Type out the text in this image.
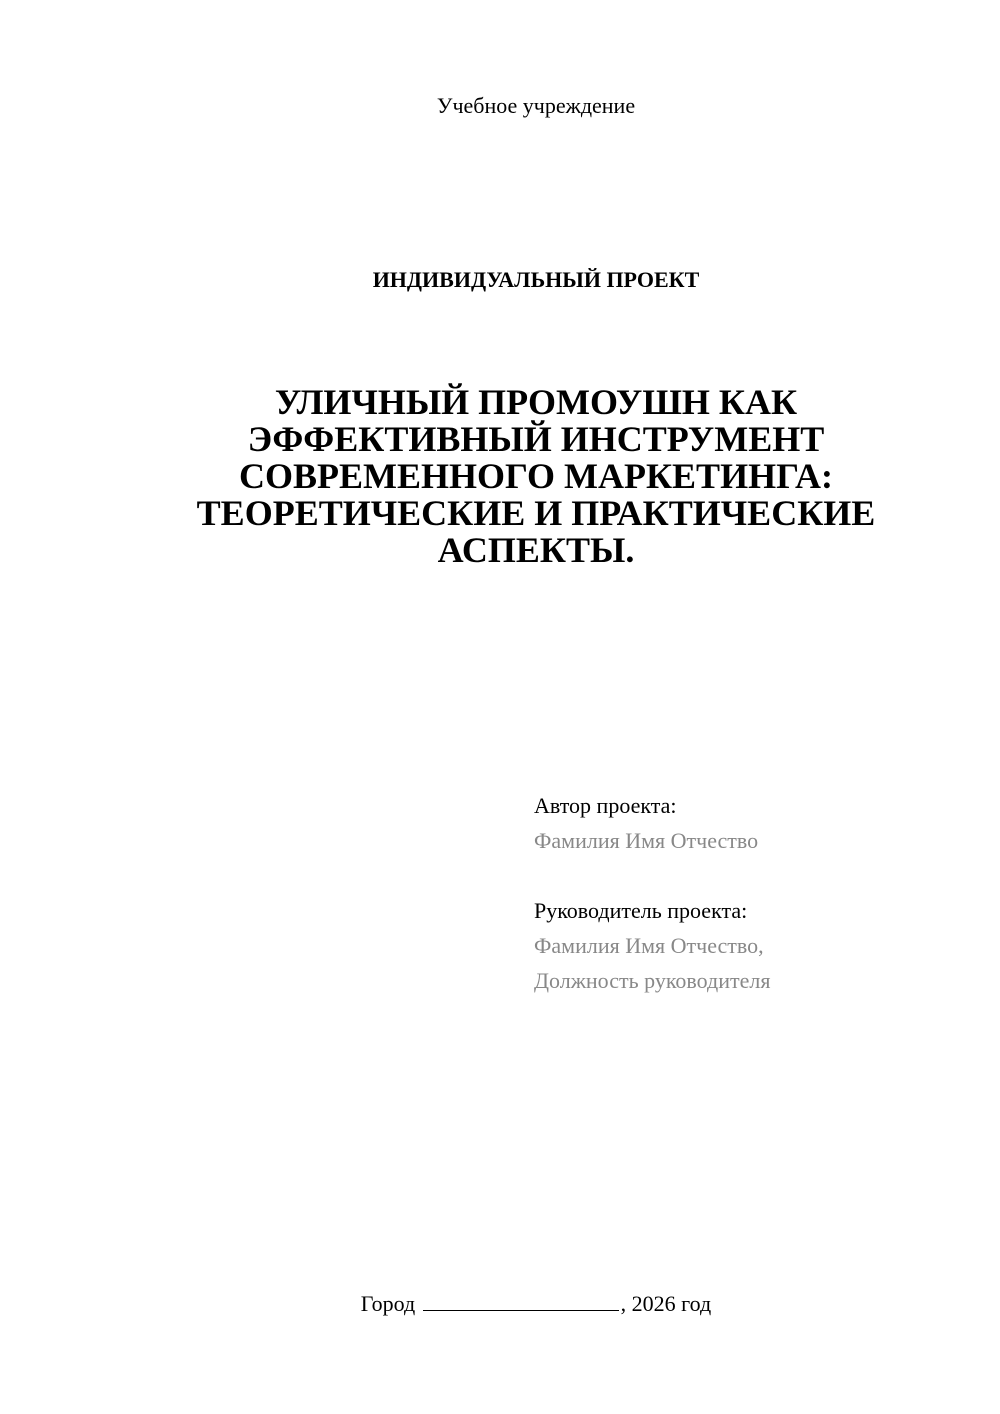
Учебное учреждение
ИНДИВИДУАЛЬНЫЙ ПРОЕКТ
УЛИЧНЫЙ ПРОМОУШН КАК
ЭФФЕКТИВНЫЙ ИНСТРУМЕНТ
СОВРЕМЕННОГО МАРКЕТИНГА:
ТЕОРЕТИЧЕСКИЕ И ПРАКТИЧЕСКИЕ
АСПЕКТЫ.
Автор проекта:
Фамилия Имя Отчество
Руководитель проекта:
Фамилия Имя Отчество,
Должность руководителя
Город	, 2026 год
